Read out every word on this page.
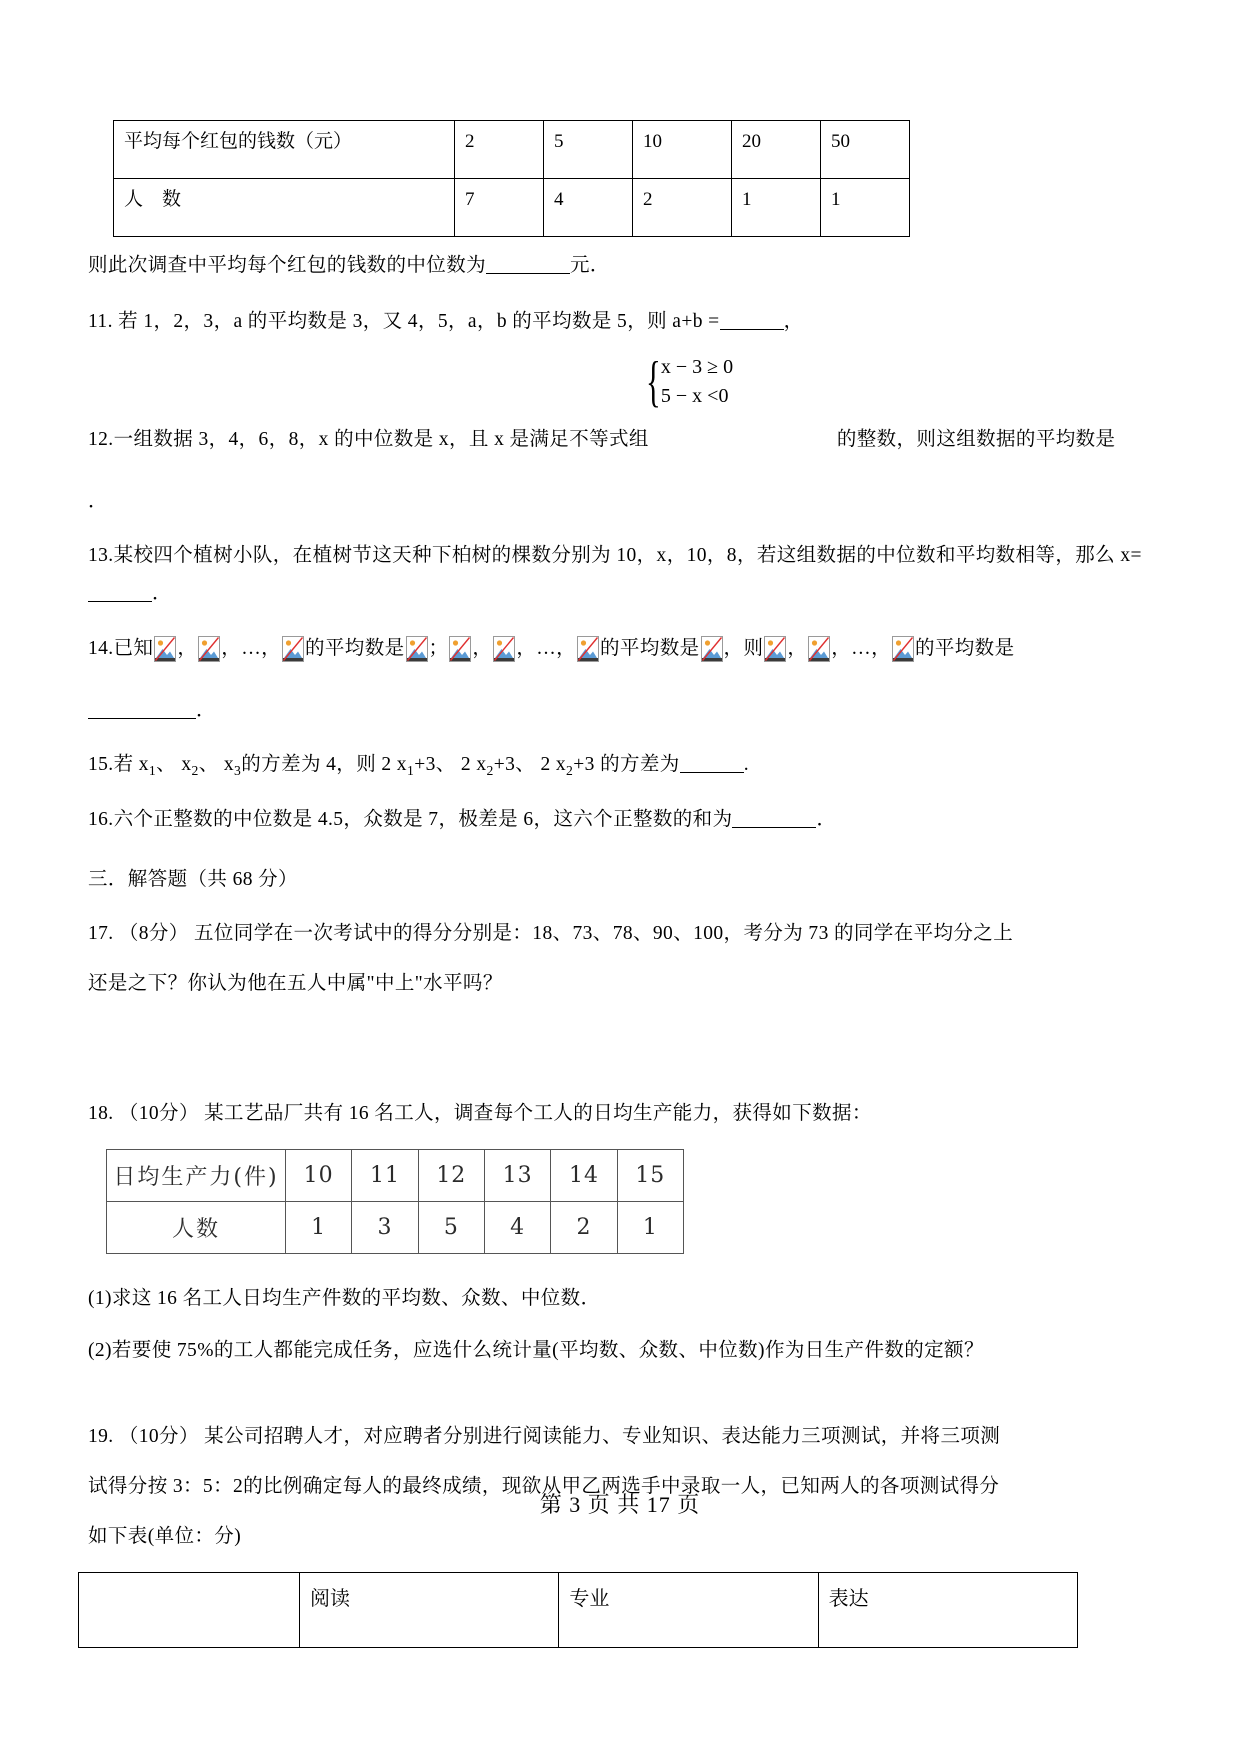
平均每个红包的钱数（元）	2	5	10	20	50
人　数	7	4	2	1	1

则此次调查中平均每个红包的钱数的中位数为	元．

11. 若 1，2，3，a 的平均数是 3，又 4，5，a，b 的平均数是 5，则 a+b =	，

{ x − 3 ≥ 0
5 − x <0

12.一组数据 3，4，6，8，x 的中位数是 x，且 x 是满足不等式组	的整数，则这组数据的平均数是

．

13.某校四个植树小队，在植树节这天种下柏树的棵数分别为 10，x，10，8，若这组数据的中位数和平均数相等，那么 x=．

14.已知 ， ，…， 的平均数是 ； ， ，…， 的平均数是 ，则 ， ，…， 的平均数是

．

15.若 $x_1$、 $x_2$、 $x_3$的方差为 4，则 2 $x_1+3$、 2 $x_2+3$、 2 $x_2+3$ 的方差为	.

16.六个正整数的中位数是 4.5，众数是 7，极差是 6，这六个正整数的和为	．

三．解答题（共 68 分）

17. （8分） 五位同学在一次考试中的得分分别是：18、73、78、90、100，考分为 73 的同学在平均分之上

还是之下？你认为他在五人中属"中上"水平吗？

18. （10分） 某工艺品厂共有 16 名工人，调查每个工人的日均生产能力，获得如下数据：

日均生产力(件)	10	11	12	13	14	15
人数	1	3	5	4	2	1

(1)求这 16 名工人日均生产件数的平均数、众数、中位数．

(2)若要使 75%的工人都能完成任务，应选什么统计量(平均数、众数、中位数)作为日生产件数的定额？

19. （10分） 某公司招聘人才，对应聘者分别进行阅读能力、专业知识、表达能力三项测试，并将三项测

试得分按 3：5：2的比例确定每人的最终成绩，现欲从甲乙两选手中录取一人，已知两人的各项测试得分

如下表(单位：分)

	阅读	专业	表达
第 3 页 共 17 页
